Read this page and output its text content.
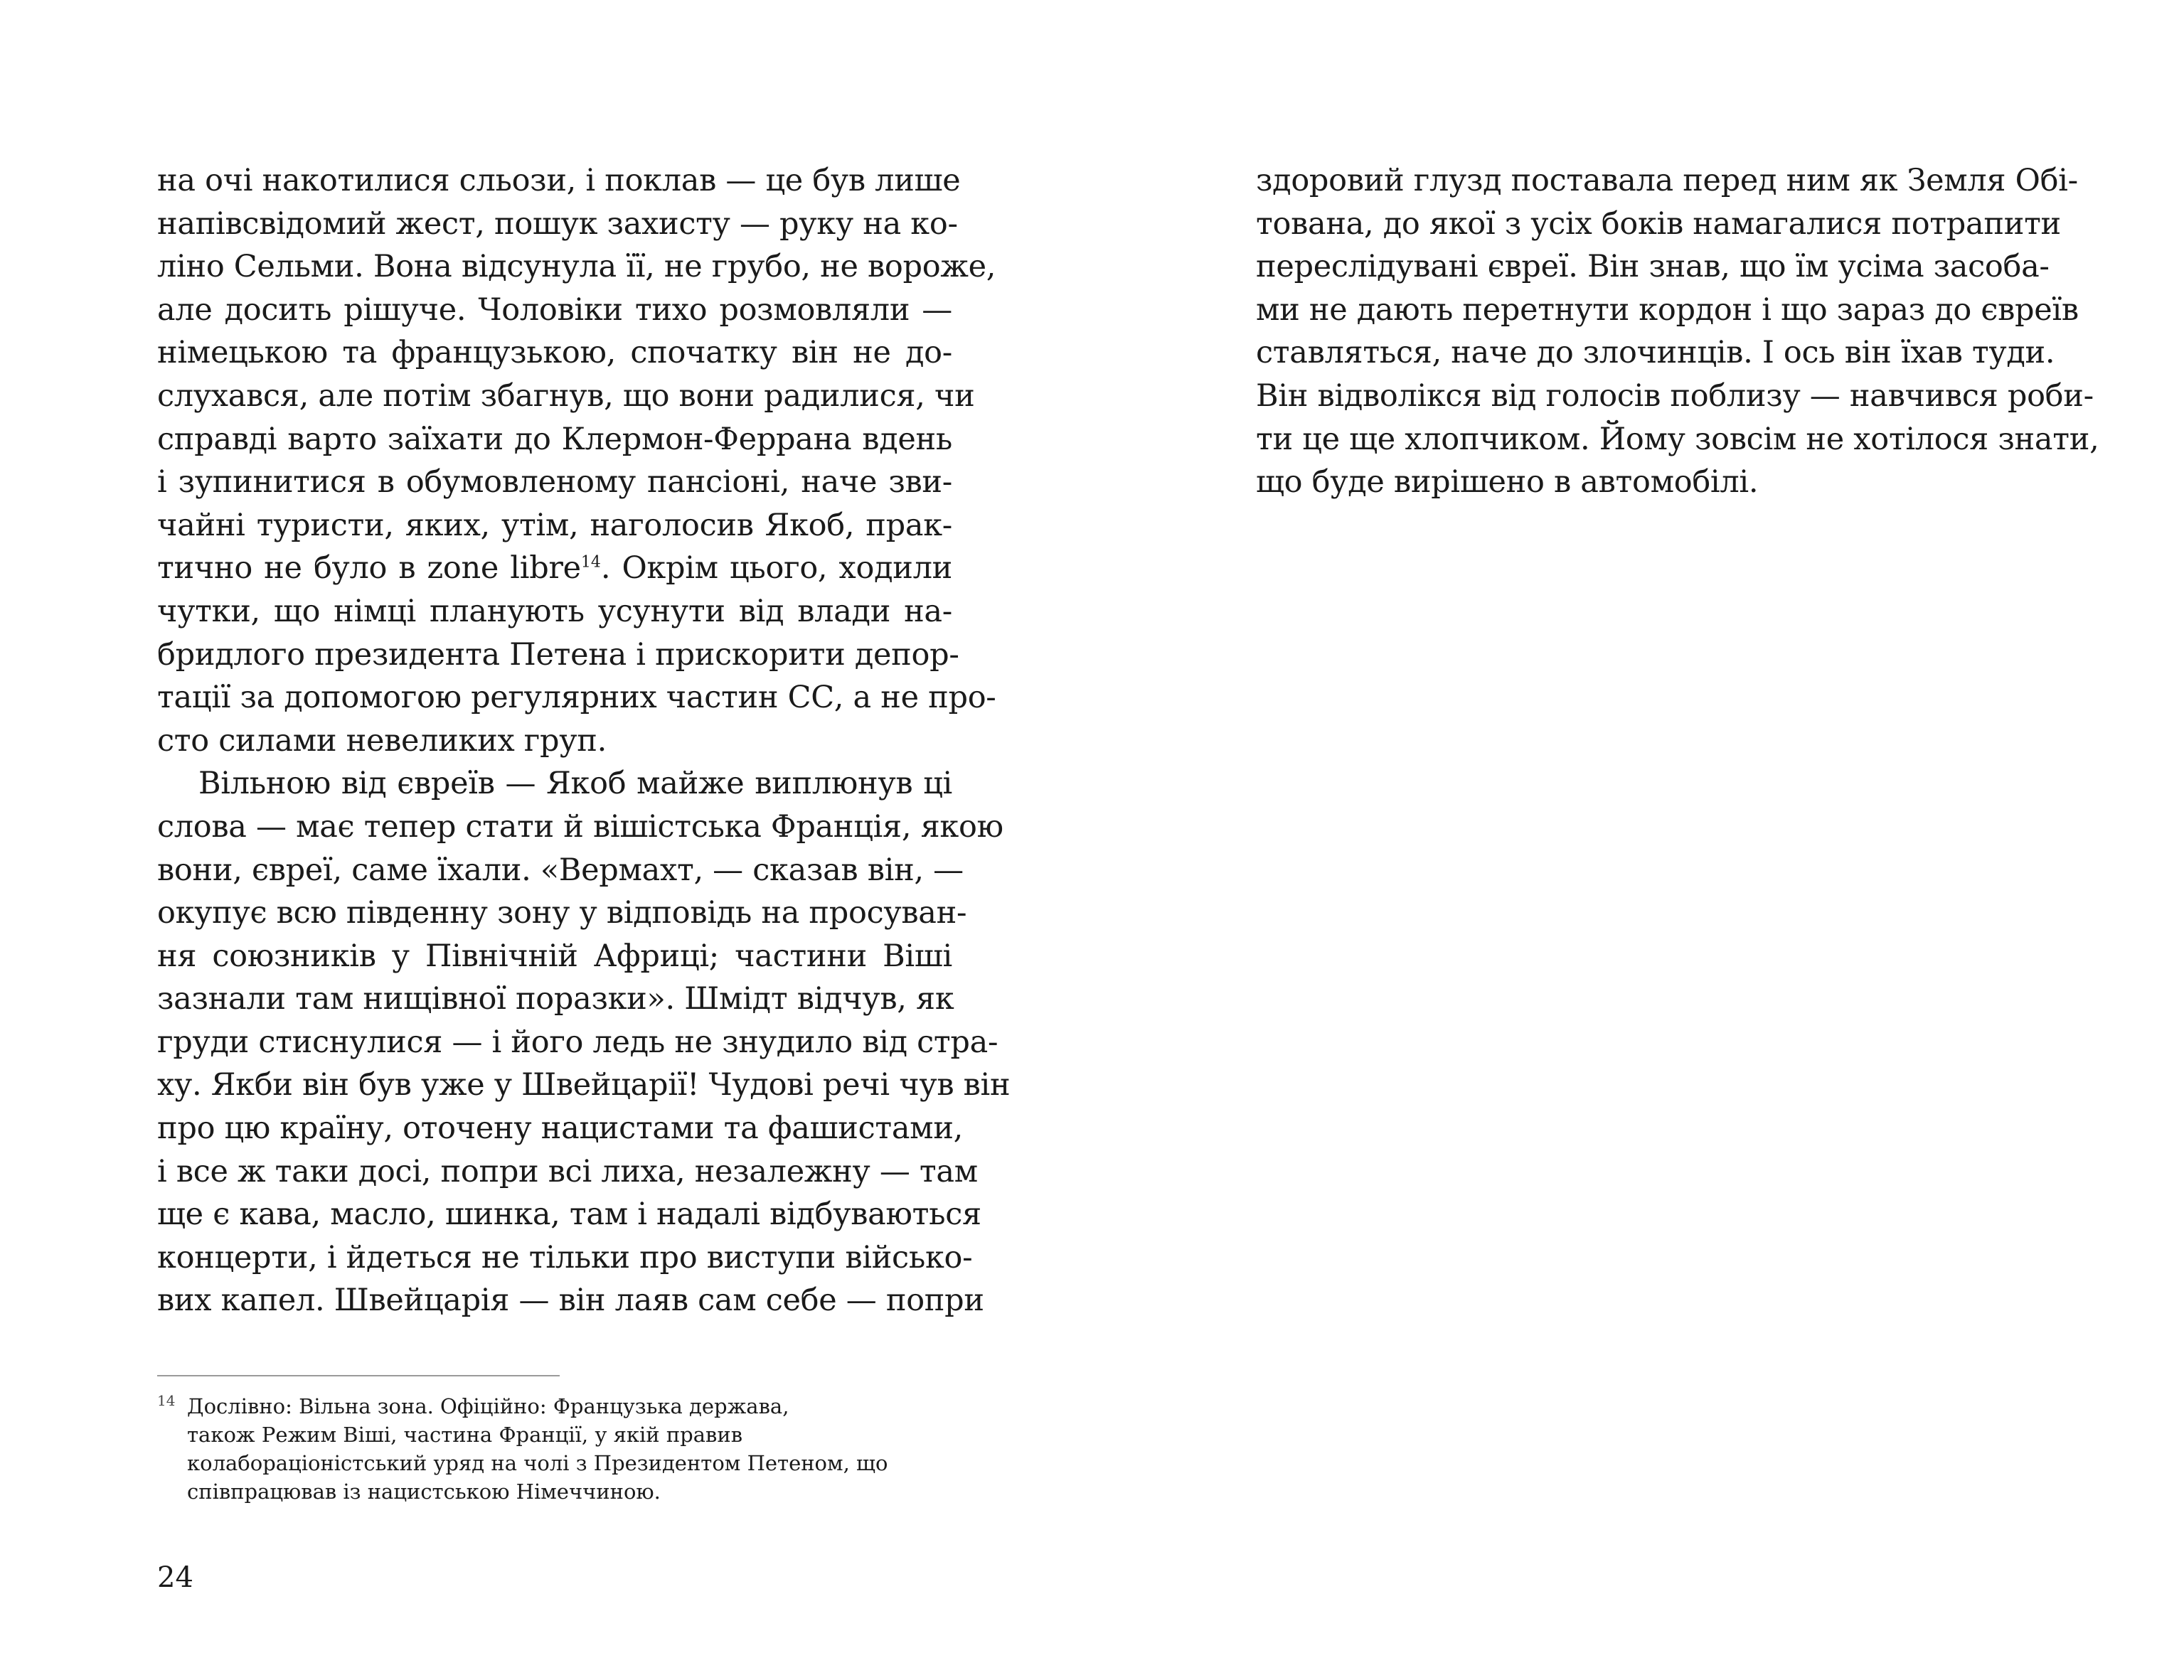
на очі накотилися сльози, і поклав — це був лише
напівсвідомий жест, пошук захисту — руку на ко-
ліно Сельми. Вона відсунула її, не грубо, не вороже,
але досить рішуче. Чоловіки тихо розмовляли —
німецькою та французькою, спочатку він не до-
слухався, але потім збагнув, що вони радилися, чи
справді варто заїхати до Клермон-Феррана вдень
і зупинитися в обумовленому пансіоні, наче зви-
чайні туристи, яких, утім, наголосив Якоб, прак-
тично не було в zone libre$^{14}$. Окрім цього, ходили
чутки, що німці планують усунути від влади на-
бридлого президента Петена і прискорити депор-
тації за допомогою регулярних частин СС, а не про-
сто силами невеликих груп.
Вільною від євреїв — Якоб майже виплюнув ці
слова — має тепер стати й вішістська Франція, якою
вони, євреї, саме їхали. «Вермахт, — сказав він, —
окупує всю південну зону у відповідь на просуван-
ня союзників у Північній Африці; частини Віші
зазнали там нищівної поразки». Шмідт відчув, як
груди стиснулися — і його ледь не знудило від стра-
ху. Якби він був уже у Швейцарії! Чудові речі чув він
про цю країну, оточену нацистами та фашистами,
і все ж таки досі, попри всі лиха, незалежну — там
ще є кава, масло, шинка, там і надалі відбуваються
концерти, і йдеться не тільки про виступи військо-
вих капел. Швейцарія — він лаяв сам себе — попри
14 Дослівно: Вільна зона. Офіційно: Французька держава,
також Режим Віші, частина Франції, у якій правив
колабораціоністський уряд на чолі з Президентом Петеном, що
співпрацював із нацистською Німеччиною.
24
здоровий глузд поставала перед ним як Земля Обі-
тована, до якої з усіх боків намагалися потрапити
переслідувані євреї. Він знав, що їм усіма засоба-
ми не дають перетнути кордон і що зараз до євреїв
ставляться, наче до злочинців. І ось він їхав туди.
Він відволікся від голосів поблизу — навчився роби-
ти це ще хлопчиком. Йому зовсім не хотілося знати,
що буде вирішено в автомобілі.
